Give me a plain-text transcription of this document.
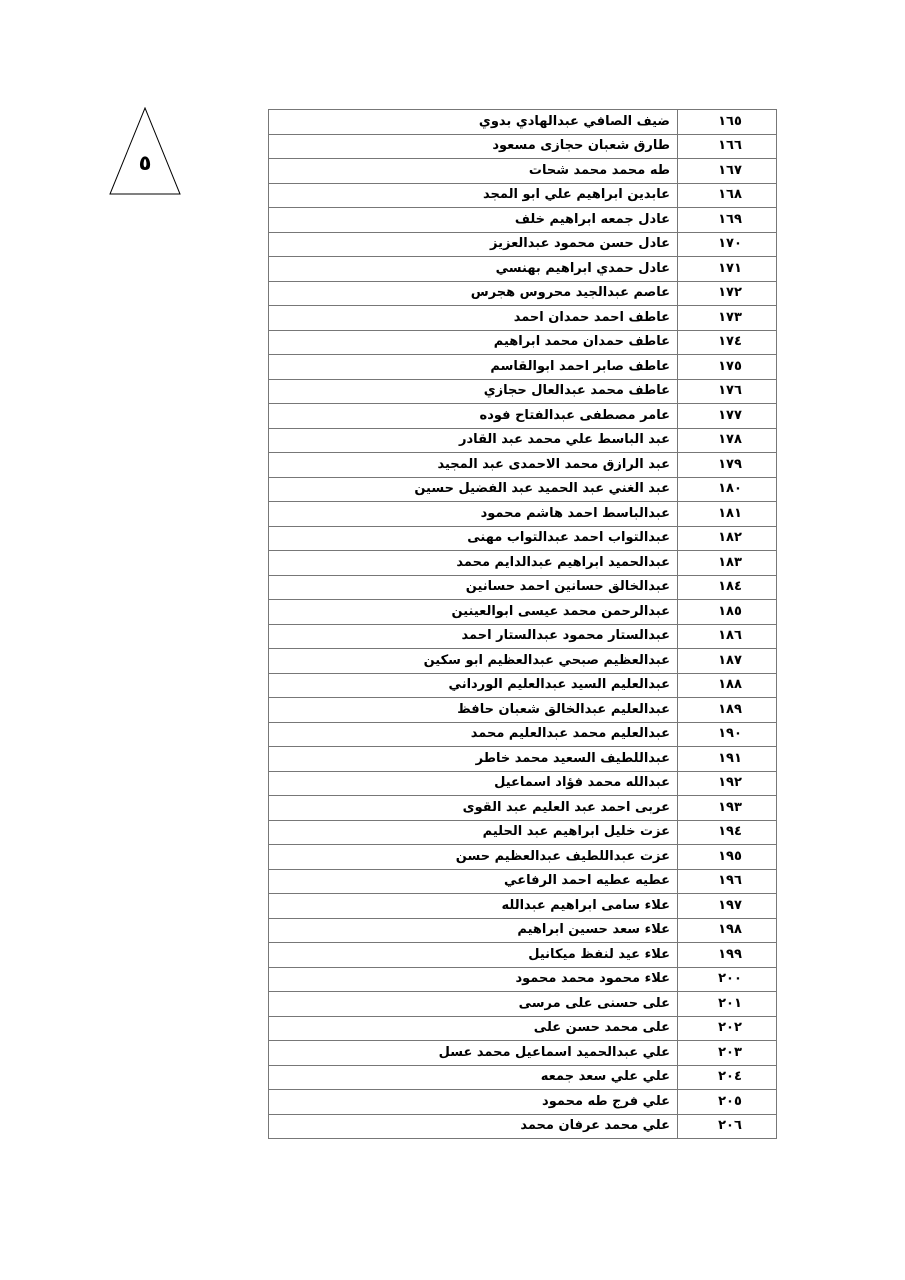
٥
١٦٥	ضيف الصافي عبدالهادي بدوي
١٦٦	طارق شعبان حجازى مسعود
١٦٧	طه محمد محمد شحات
١٦٨	عابدين ابراهيم علي ابو المجد
١٦٩	عادل جمعه ابراهيم خلف
١٧٠	عادل حسن محمود عبدالعزيز
١٧١	عادل حمدي ابراهيم بهنسي
١٧٢	عاصم عبدالجيد محروس هجرس
١٧٣	عاطف احمد حمدان احمد
١٧٤	عاطف حمدان محمد ابراهيم
١٧٥	عاطف صابر احمد ابوالقاسم
١٧٦	عاطف محمد عبدالعال حجازي
١٧٧	عامر مصطفى عبدالفتاح فوده
١٧٨	عبد الباسط علي محمد عبد القادر
١٧٩	عبد الرازق محمد الاحمدى عبد المجيد
١٨٠	عبد الغني عبد الحميد عبد الفضيل حسين
١٨١	عبدالباسط احمد هاشم محمود
١٨٢	عبدالتواب احمد عبدالتواب مهنى
١٨٣	عبدالحميد ابراهيم عبدالدايم محمد
١٨٤	عبدالخالق حسانين احمد حسانين
١٨٥	عبدالرحمن محمد عيسى ابوالعينين
١٨٦	عبدالستار محمود عبدالستار احمد
١٨٧	عبدالعظيم صبحي عبدالعظيم ابو سكين
١٨٨	عبدالعليم السيد عبدالعليم الورداني
١٨٩	عبدالعليم عبدالخالق شعبان حافظ
١٩٠	عبدالعليم محمد عبدالعليم محمد
١٩١	عبداللطيف السعيد محمد خاطر
١٩٢	عبدالله محمد فؤاد اسماعيل
١٩٣	عربى احمد عبد العليم عبد القوى
١٩٤	عزت خليل ابراهيم عبد الحليم
١٩٥	عزت عبداللطيف عبدالعظيم حسن
١٩٦	عطيه عطيه احمد الرفاعي
١٩٧	علاء سامى ابراهيم عبدالله
١٩٨	علاء سعد حسين ابراهيم
١٩٩	علاء عيد لنفظ ميكانيل
٢٠٠	علاء محمود محمد محمود
٢٠١	على حسنى على مرسى
٢٠٢	على محمد حسن على
٢٠٣	علي عبدالحميد اسماعيل محمد عسل
٢٠٤	علي علي سعد جمعه
٢٠٥	علي فرج طه محمود
٢٠٦	علي محمد عرفان محمد
